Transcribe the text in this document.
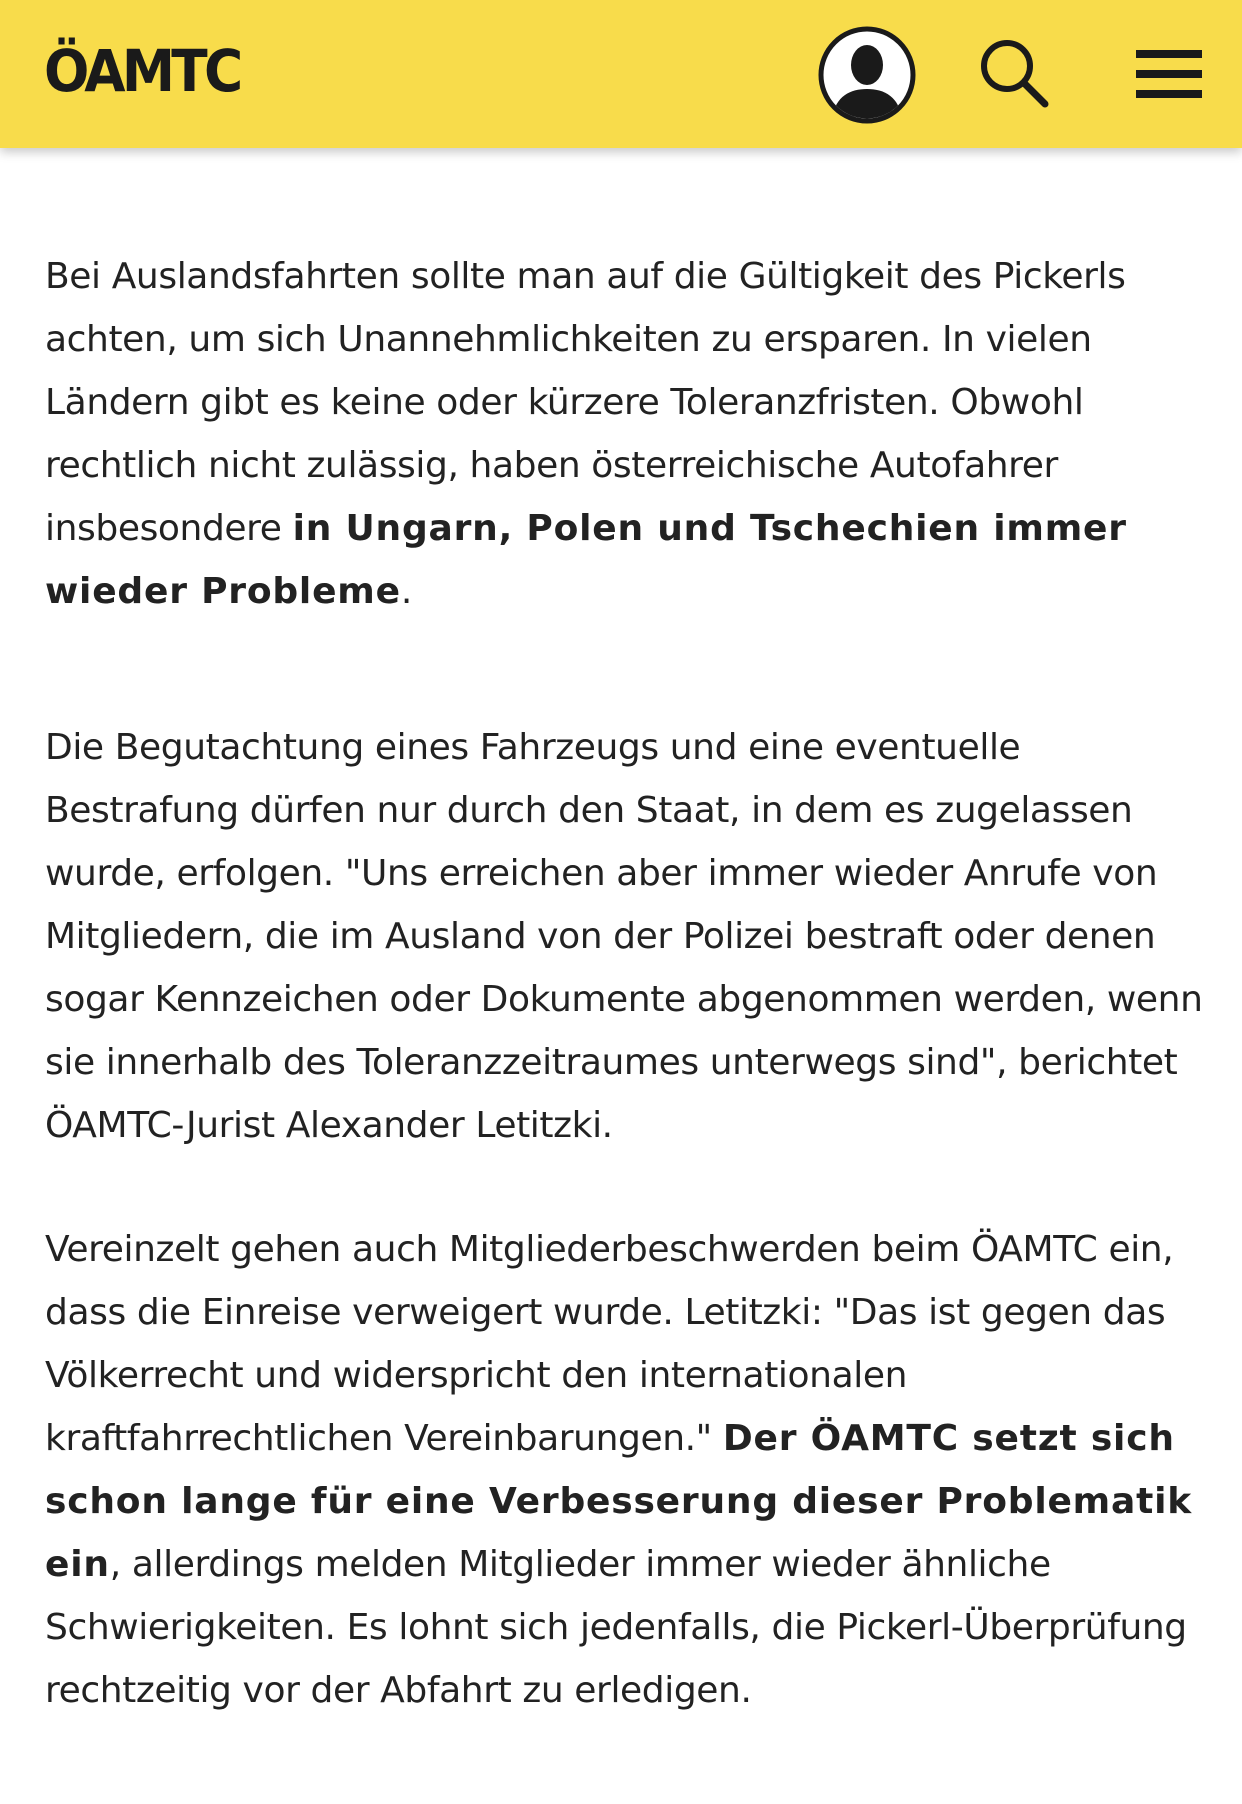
ÖAMTC

Bei Auslandsfahrten sollte man auf die Gültigkeit des Pickerls achten, um sich Unannehmlichkeiten zu ersparen. In vielen Ländern gibt es keine oder kürzere Toleranzfristen. Obwohl rechtlich nicht zulässig, haben österreichische Autofahrer insbesondere in Ungarn, Polen und Tschechien immer wieder Probleme.

Die Begutachtung eines Fahrzeugs und eine eventuelle Bestrafung dürfen nur durch den Staat, in dem es zugelassen wurde, erfolgen. "Uns erreichen aber immer wieder Anrufe von Mitgliedern, die im Ausland von der Polizei bestraft oder denen sogar Kennzeichen oder Dokumente abgenommen werden, wenn sie innerhalb des Toleranzzeitraumes unterwegs sind", berichtet ÖAMTC-Jurist Alexander Letitzki.

Vereinzelt gehen auch Mitgliederbeschwerden beim ÖAMTC ein, dass die Einreise verweigert wurde. Letitzki: "Das ist gegen das Völkerrecht und widerspricht den internationalen kraftfahrrechtlichen Vereinbarungen." Der ÖAMTC setzt sich schon lange für eine Verbesserung dieser Problematik ein, allerdings melden Mitglieder immer wieder ähnliche Schwierigkeiten. Es lohnt sich jedenfalls, die Pickerl-Überprüfung rechtzeitig vor der Abfahrt zu erledigen.
